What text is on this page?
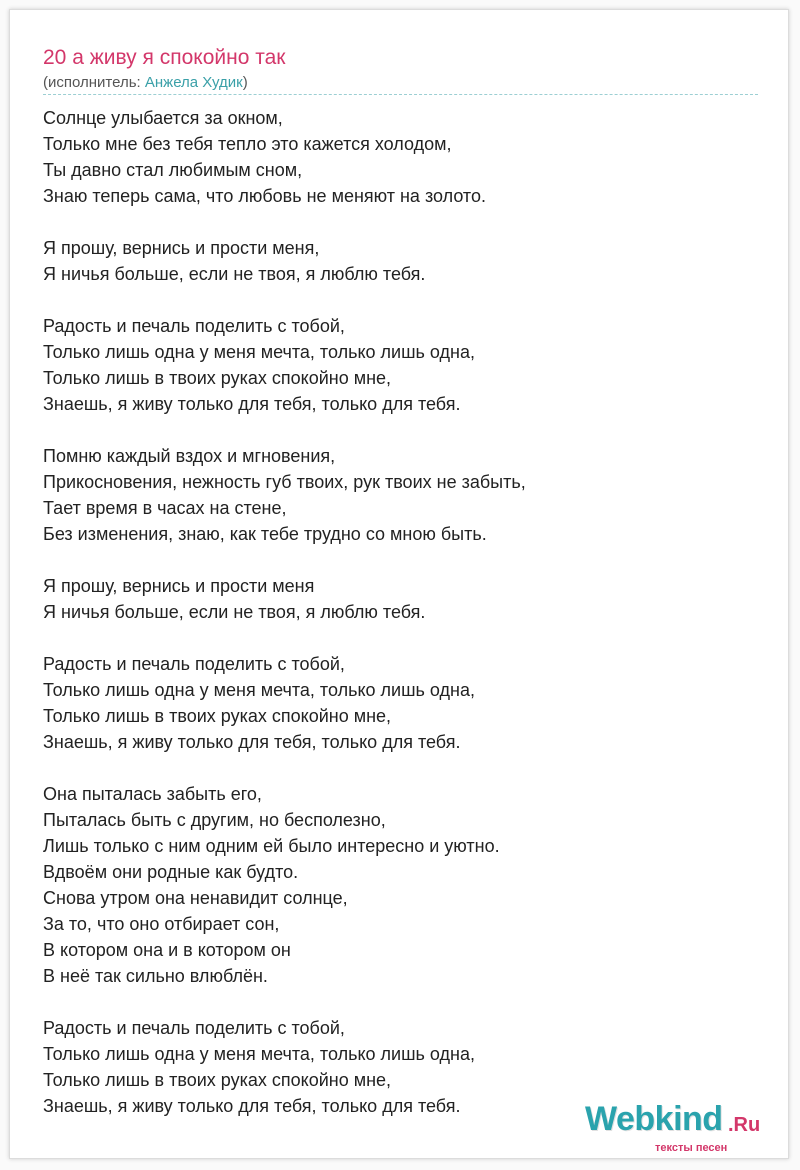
20 а живу я спокойно так
(исполнитель: Анжела Худик)
Солнце улыбается за окном,
Только мне без тебя тепло это кажется холодом,
Ты давно стал любимым сном,
Знаю теперь сама, что любовь не меняют на золото.
Я прошу, вернись и прости меня,
Я ничья больше, если не твоя, я люблю тебя.
Радость и печаль поделить с тобой,
Только лишь одна у меня мечта, только лишь одна,
Только лишь в твоих руках спокойно мне,
Знаешь, я живу только для тебя, только для тебя.
Помню каждый вздох и мгновения,
Прикосновения, нежность губ твоих, рук твоих не забыть,
Тает время в часах на стене,
Без изменения, знаю, как тебе трудно со мною быть.
Я прошу, вернись и прости меня
Я ничья больше, если не твоя, я люблю тебя.
Радость и печаль поделить с тобой,
Только лишь одна у меня мечта, только лишь одна,
Только лишь в твоих руках спокойно мне,
Знаешь, я живу только для тебя, только для тебя.
Она пыталась забыть его,
Пыталась быть с другим, но бесполезно,
Лишь только с ним одним ей было интересно и уютно.
Вдвоём они родные как будто.
Снова утром она ненавидит солнце,
За то, что оно отбирает сон,
В котором она и в котором он
В неё так сильно влюблён.
Радость и печаль поделить с тобой,
Только лишь одна у меня мечта, только лишь одна,
Только лишь в твоих руках спокойно мне,
Знаешь, я живу только для тебя, только для тебя.	Webkind .Ru
тексты песен
